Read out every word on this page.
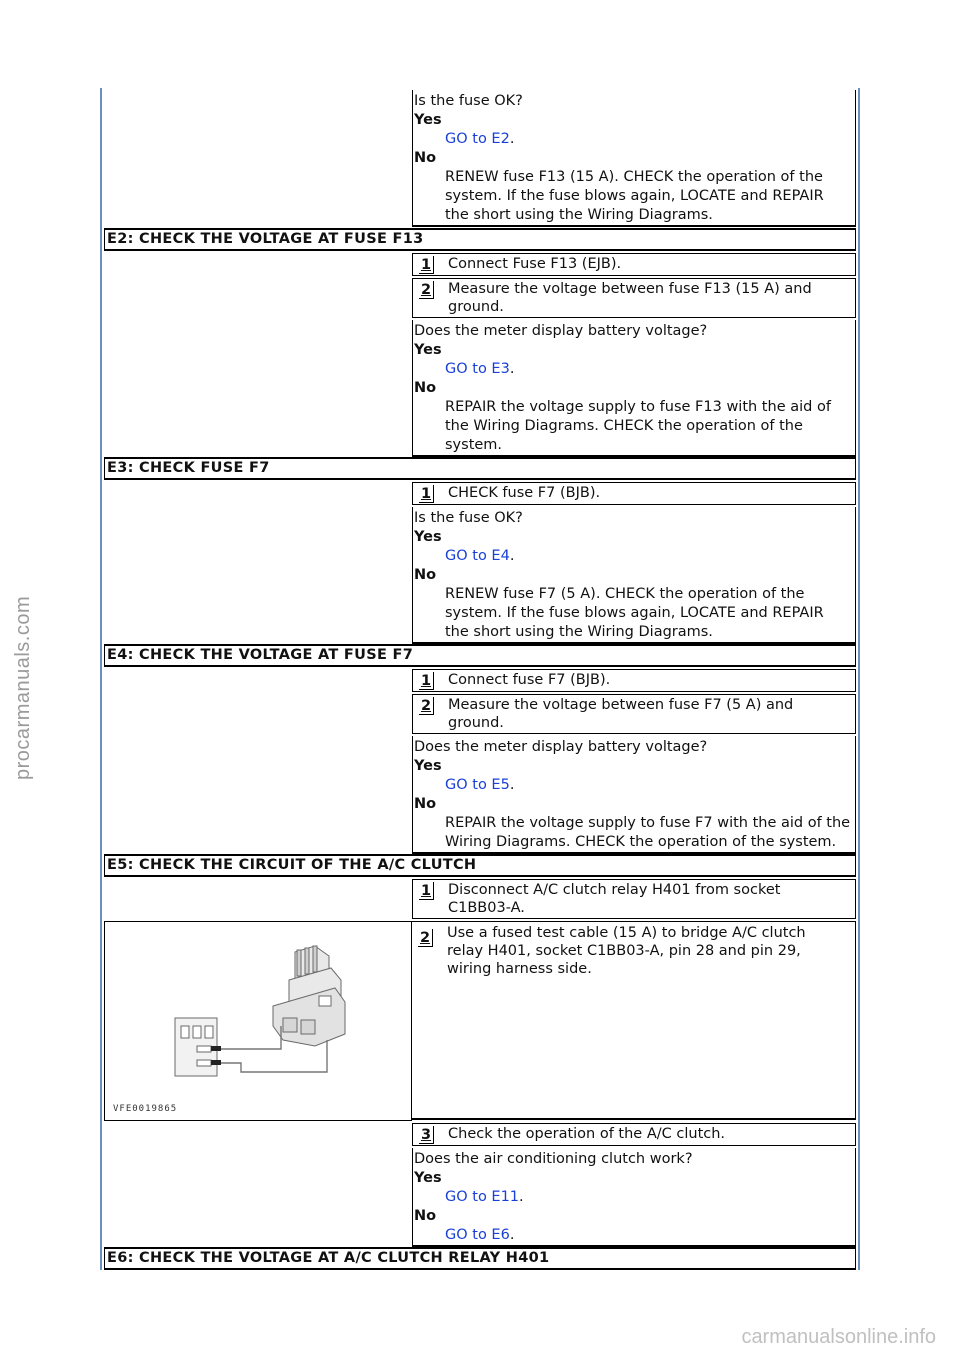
procarmanuals.com
carmanualsonline.info
Is the fuse OK?
Yes
GO to E2.
No
RENEW fuse F13 (15 A). CHECK the operation of the system. If the fuse blows again, LOCATE and REPAIR the short using the Wiring Diagrams.
E2: CHECK THE VOLTAGE AT FUSE F13
1	Connect Fuse F13 (EJB).
2	Measure the voltage between fuse F13 (15 A) and ground.
Does the meter display battery voltage?
Yes
GO to E3.
No
REPAIR the voltage supply to fuse F13 with the aid of the Wiring Diagrams. CHECK the operation of the system.
E3: CHECK FUSE F7
1	CHECK fuse F7 (BJB).
Is the fuse OK?
Yes
GO to E4.
No
RENEW fuse F7 (5 A). CHECK the operation of the system. If the fuse blows again, LOCATE and REPAIR the short using the Wiring Diagrams.
E4: CHECK THE VOLTAGE AT FUSE F7
1	Connect fuse F7 (BJB).
2	Measure the voltage between fuse F7 (5 A) and ground.
Does the meter display battery voltage?
Yes
GO to E5.
No
REPAIR the voltage supply to fuse F7 with the aid of the Wiring Diagrams. CHECK the operation of the system.
E5: CHECK THE CIRCUIT OF THE A/C CLUTCH
1	Disconnect A/C clutch relay H401 from socket C1BB03-A.
VFE0019865
2	Use a fused test cable (15 A) to bridge A/C clutch relay H401, socket C1BB03-A, pin 28 and pin 29, wiring harness side.
3	Check the operation of the A/C clutch.
Does the air conditioning clutch work?
Yes
GO to E11.
No
GO to E6.
E6: CHECK THE VOLTAGE AT A/C CLUTCH RELAY H401
